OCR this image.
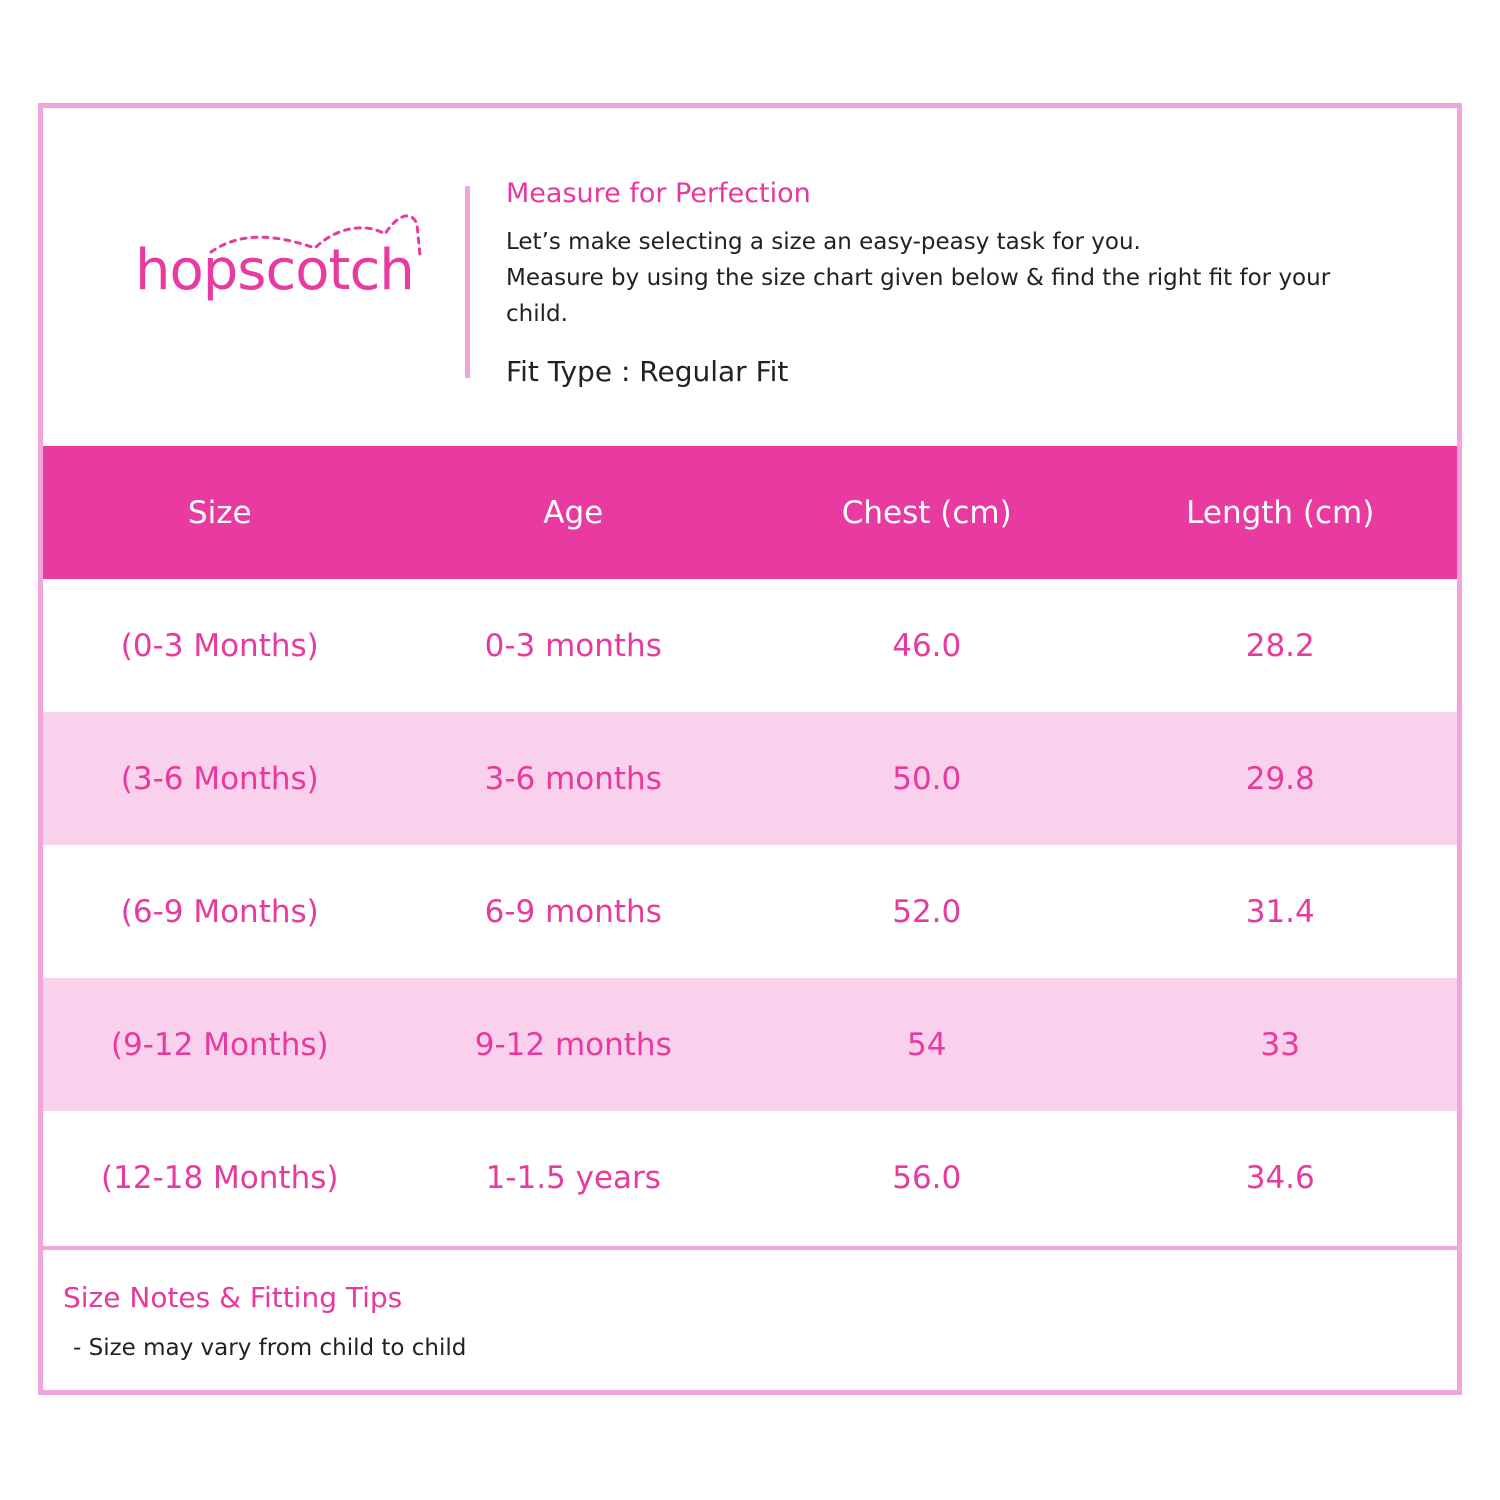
hopscotch
Measure for Perfection
Let’s make selecting a size an easy-peasy task for you.
Measure by using the size chart given below & find the right fit for your
child.
Fit Type : Regular Fit
Size	Age	Chest (cm)	Length (cm)
(0-3 Months)	0-3 months	46.0	28.2
(3-6 Months)	3-6 months	50.0	29.8
(6-9 Months)	6-9 months	52.0	31.4
(9-12 Months)	9-12 months	54	33
(12-18 Months)	1-1.5 years	56.0	34.6
Size Notes & Fitting Tips
- Size may vary from child to child
